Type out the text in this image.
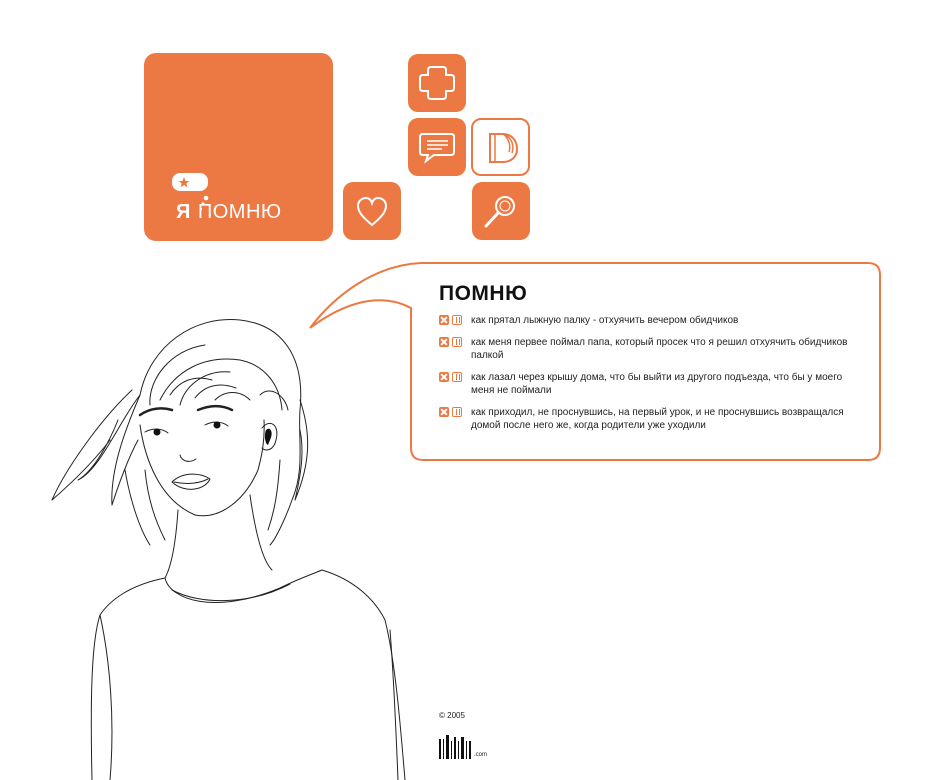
Я ПОМНЮ
ПОМНЮ
как прятал лыжную палку - отхуячить вечером обидчиков
как меня первее поймал папа, который просек что я решил отхуячить обидчиков палкой
как лазал через крышу дома, что бы выйти из другого подъезда, что бы у моего меня не поймали
как приходил, не проснувшись, на первый урок, и не проснувшись возвращался домой после него же, когда родители уже уходили
© 2005
.com
